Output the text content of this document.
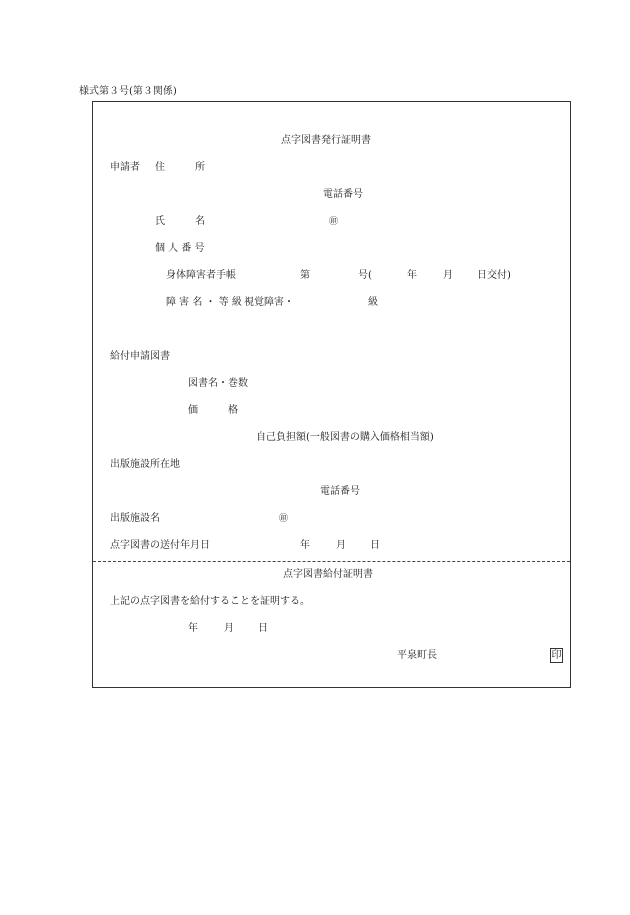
様式第３号(第３関係)
点字図書発行証明書
申請者 住　　　所
電話番号
氏　　　名	㊞
個 人 番 号
身体障害者手帳	第	号(	年	月 日交付)
障 害 名 ・ 等 級 視覚障害・	級
給付申請図書
図書名・巻数
価　　　格
自己負担額(一般図書の購入価格相当額)
出版施設所在地
電話番号
出版施設名	㊞
点字図書の送付年月日	年	月 日
点字図書給付証明書
上記の点字図書を給付することを証明する。
年	月 日
平泉町長	印
